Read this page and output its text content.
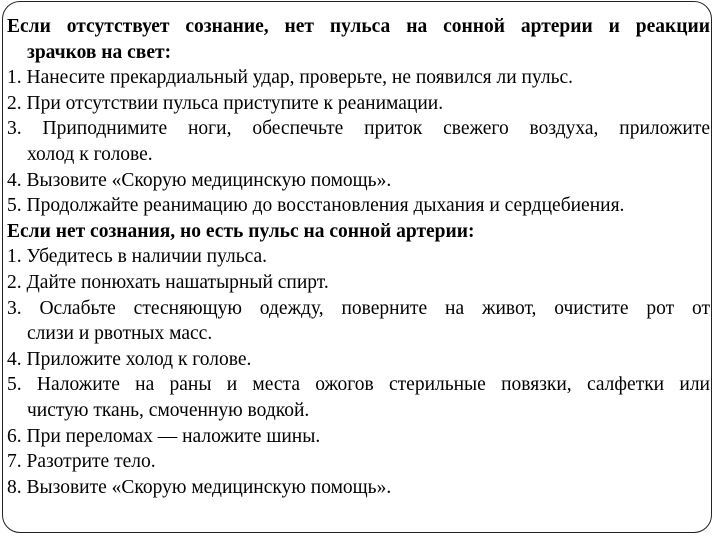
Если отсутствует сознание, нет пульса на сонной артерии и реакции
зрачков на свет:
1. Нанесите прекардиальный удар, проверьте, не появился ли пульс.
2. При отсутствии пульса приступите к реанимации.
3. Приподнимите ноги, обеспечьте приток свежего воздуха, приложите
холод к голове.
4. Вызовите «Скорую медицинскую помощь».
5. Продолжайте реанимацию до восстановления дыхания и сердцебиения.
Если нет сознания, но есть пульс на сонной артерии:
1. Убедитесь в наличии пульса.
2. Дайте понюхать нашатырный спирт.
3. Ослабьте стесняющую одежду, поверните на живот, очистите рот от
слизи и рвотных масс.
4. Приложите холод к голове.
5. Наложите на раны и места ожогов стерильные повязки, салфетки или
чистую ткань, смоченную водкой.
6. При переломах — наложите шины.
7. Разотрите тело.
8. Вызовите «Скорую медицинскую помощь».
